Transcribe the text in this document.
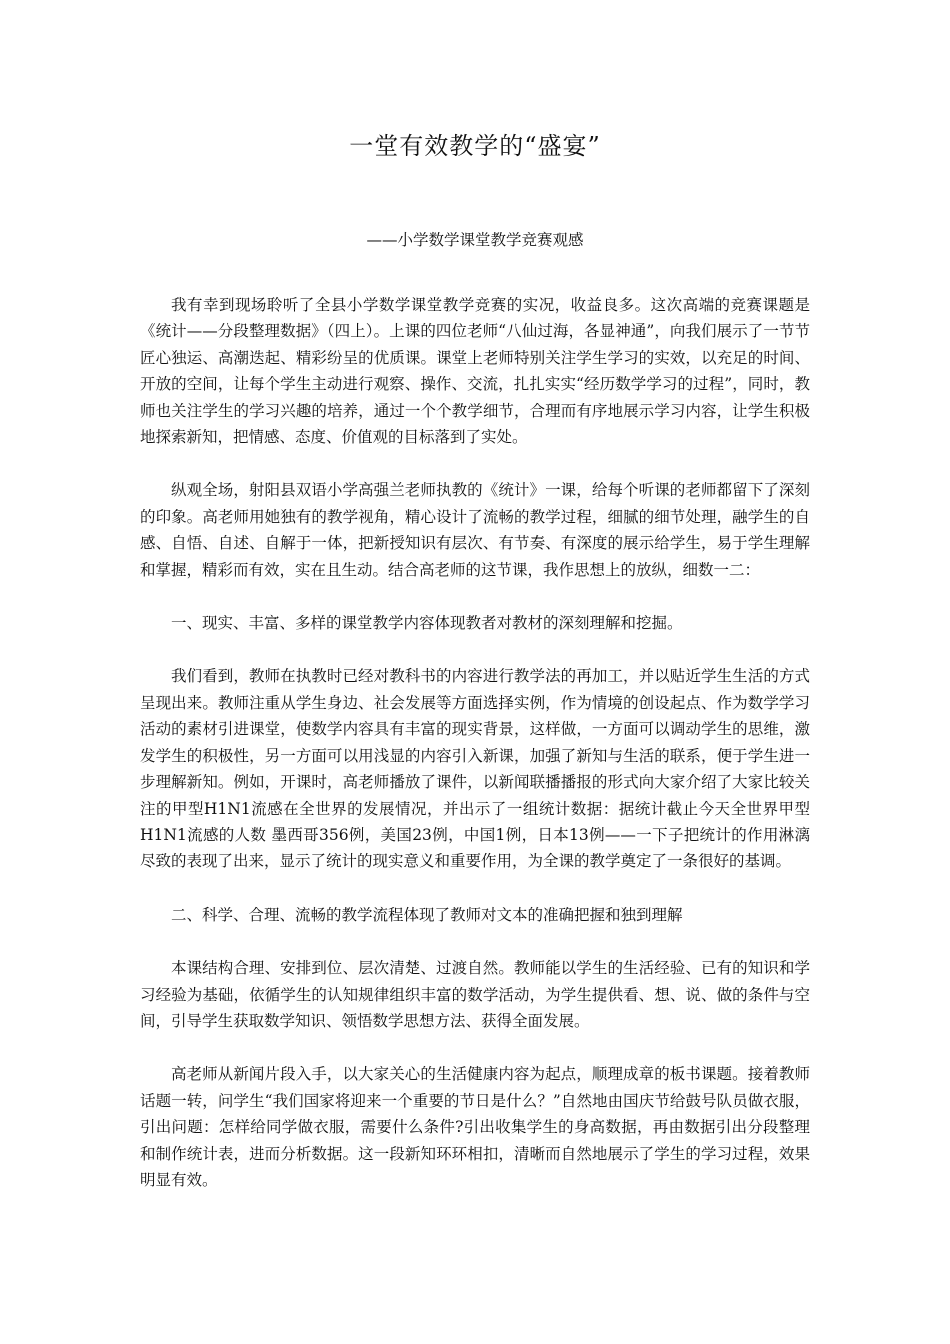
一堂有效教学的“盛宴”

——小学数学课堂教学竞赛观感

我有幸到现场聆听了全县小学数学课堂教学竞赛的实况，收益良多。这次高端的竞赛课题是《统计——分段整理数据》（四上）。上课的四位老师“八仙过海，各显神通”，向我们展示了一节节匠心独运、高潮迭起、精彩纷呈的优质课。课堂上老师特别关注学生学习的实效，以充足的时间、开放的空间，让每个学生主动进行观察、操作、交流，扎扎实实“经历数学学习的过程”，同时，教师也关注学生的学习兴趣的培养，通过一个个教学细节，合理而有序地展示学习内容，让学生积极地探索新知，把情感、态度、价值观的目标落到了实处。

纵观全场，射阳县双语小学高强兰老师执教的《统计》一课，给每个听课的老师都留下了深刻的印象。高老师用她独有的教学视角，精心设计了流畅的教学过程，细腻的细节处理，融学生的自感、自悟、自述、自解于一体，把新授知识有层次、有节奏、有深度的展示给学生，易于学生理解和掌握，精彩而有效，实在且生动。结合高老师的这节课，我作思想上的放纵，细数一二：

一、现实、丰富、多样的课堂教学内容体现教者对教材的深刻理解和挖掘。

我们看到，教师在执教时已经对教科书的内容进行教学法的再加工，并以贴近学生生活的方式呈现出来。教师注重从学生身边、社会发展等方面选择实例，作为情境的创设起点、作为数学学习活动的素材引进课堂，使数学内容具有丰富的现实背景，这样做，一方面可以调动学生的思维，激发学生的积极性，另一方面可以用浅显的内容引入新课，加强了新知与生活的联系，便于学生进一步理解新知。例如，开课时，高老师播放了课件，以新闻联播播报的形式向大家介绍了大家比较关注的甲型H1N1流感在全世界的发展情况，并出示了一组统计数据：据统计截止今天全世界甲型H1N1流感的人数 墨西哥356例，美国23例，中国1例，日本13例——一下子把统计的作用淋漓尽致的表现了出来，显示了统计的现实意义和重要作用，为全课的教学奠定了一条很好的基调。

二、科学、合理、流畅的教学流程体现了教师对文本的准确把握和独到理解

本课结构合理、安排到位、层次清楚、过渡自然。教师能以学生的生活经验、已有的知识和学习经验为基础，依循学生的认知规律组织丰富的数学活动，为学生提供看、想、说、做的条件与空间，引导学生获取数学知识、领悟数学思想方法、获得全面发展。

高老师从新闻片段入手，以大家关心的生活健康内容为起点，顺理成章的板书课题。接着教师话题一转，问学生“我们国家将迎来一个重要的节日是什么？”自然地由国庆节给鼓号队员做衣服，引出问题：怎样给同学做衣服，需要什么条件?引出收集学生的身高数据，再由数据引出分段整理和制作统计表，进而分析数据。这一段新知环环相扣，清晰而自然地展示了学生的学习过程，效果明显有效。
